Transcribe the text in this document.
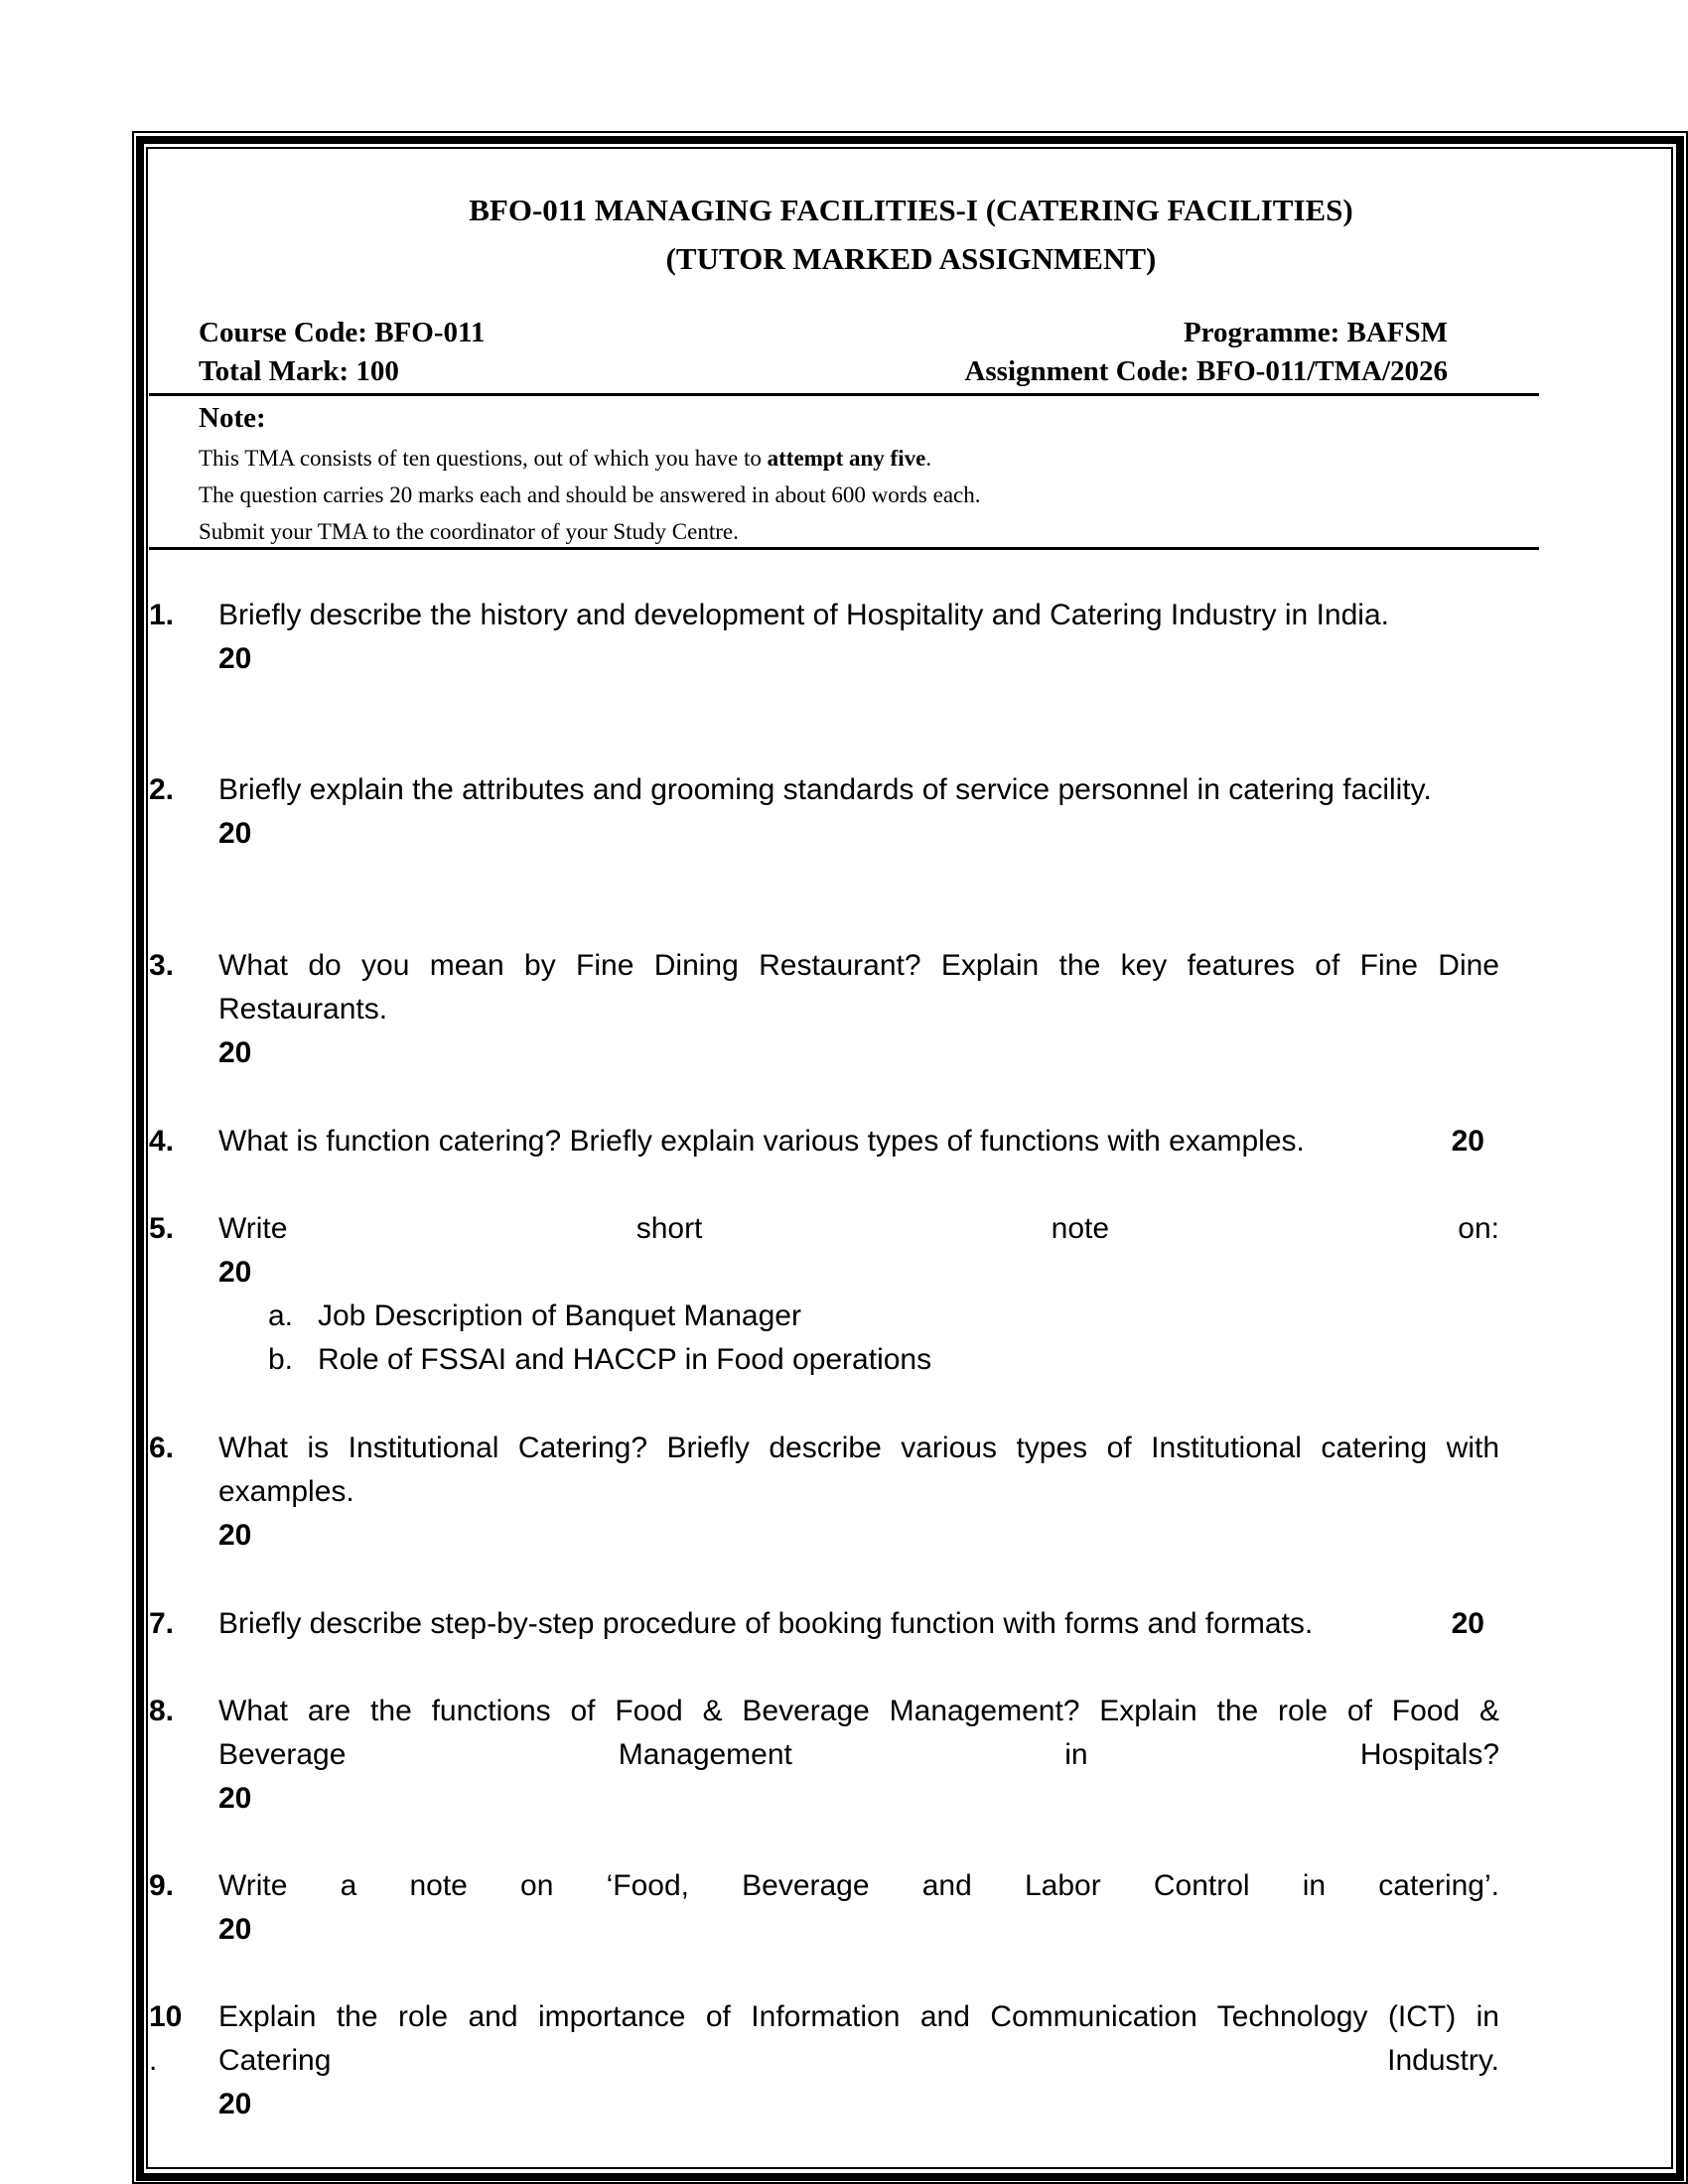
BFO-011 MANAGING FACILITIES-I (CATERING FACILITIES)
(TUTOR MARKED ASSIGNMENT)
Course Code: BFO-011	Programme: BAFSM
Total Mark: 100	Assignment Code: BFO-011/TMA/2026
Note:
This TMA consists of ten questions, out of which you have to attempt any five.
The question carries 20 marks each and should be answered in about 600 words each.
Submit your TMA to the coordinator of your Study Centre.
1.	Briefly describe the history and development of Hospitality and Catering Industry in India.
20
2.	Briefly explain the attributes and grooming standards of service personnel in catering facility.
20
3.	What do you mean by Fine Dining Restaurant? Explain the key features of Fine Dine Restaurants.
20
4.	What is function catering? Briefly explain various types of functions with examples.	20
5.	Write short note on:
20
a. Job Description of Banquet Manager
b. Role of FSSAI and HACCP in Food operations
6.	What is Institutional Catering? Briefly describe various types of Institutional catering with examples.
20
7.	Briefly describe step-by-step procedure of booking function with forms and formats.	20
8.	What are the functions of Food & Beverage Management? Explain the role of Food &
Beverage Management in Hospitals?
20
9.	Write a note on ‘Food, Beverage and Labor Control in catering’.
20
10
.
Explain the role and importance of Information and Communication Technology (ICT) in
Catering Industry.
20
